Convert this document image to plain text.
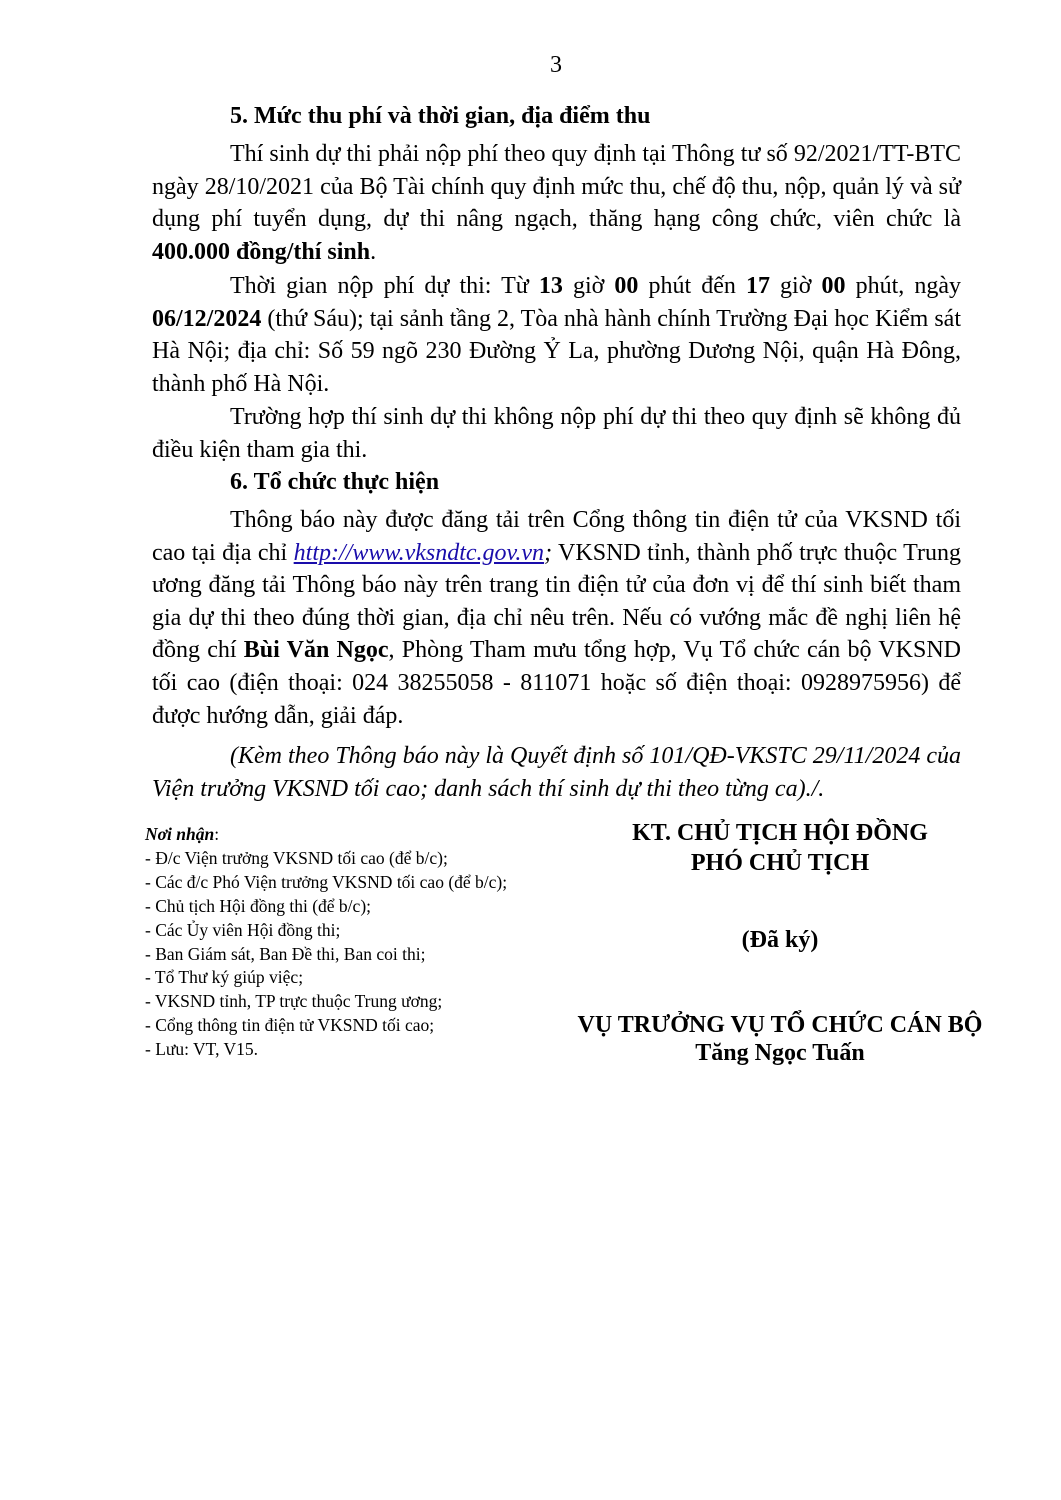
3
5. Mức thu phí và thời gian, địa điểm thu

Thí sinh dự thi phải nộp phí theo quy định tại Thông tư số 92/2021/TT-BTC ngày 28/10/2021 của Bộ Tài chính quy định mức thu, chế độ thu, nộp, quản lý và sử dụng phí tuyển dụng, dự thi nâng ngạch, thăng hạng công chức, viên chức là 400.000 đồng/thí sinh.

Thời gian nộp phí dự thi: Từ 13 giờ 00 phút đến 17 giờ 00 phút, ngày 06/12/2024 (thứ Sáu); tại sảnh tầng 2, Tòa nhà hành chính Trường Đại học Kiểm sát Hà Nội; địa chỉ: Số 59 ngõ 230 Đường Ỷ La, phường Dương Nội, quận Hà Đông, thành phố Hà Nội.

Trường hợp thí sinh dự thi không nộp phí dự thi theo quy định sẽ không đủ điều kiện tham gia thi.

6. Tổ chức thực hiện

Thông báo này được đăng tải trên Cổng thông tin điện tử của VKSND tối cao tại địa chỉ http://www.vksndtc.gov.vn; VKSND tỉnh, thành phố trực thuộc Trung ương đăng tải Thông báo này trên trang tin điện tử của đơn vị để thí sinh biết tham gia dự thi theo đúng thời gian, địa chỉ nêu trên. Nếu có vướng mắc đề nghị liên hệ đồng chí Bùi Văn Ngọc, Phòng Tham mưu tổng hợp, Vụ Tổ chức cán bộ VKSND tối cao (điện thoại: 024 38255058 - 811071 hoặc số điện thoại: 0928975956) để được hướng dẫn, giải đáp.

(Kèm theo Thông báo này là Quyết định số 101/QĐ-VKSTC 29/11/2024 của Viện trưởng VKSND tối cao; danh sách thí sinh dự thi theo từng ca)./.

Nơi nhận:
- Đ/c Viện trưởng VKSND tối cao (để b/c);
- Các đ/c Phó Viện trưởng VKSND tối cao (để b/c);
- Chủ tịch Hội đồng thi (để b/c);
- Các Ủy viên Hội đồng thi;
- Ban Giám sát, Ban Đề thi, Ban coi thi;
- Tổ Thư ký giúp việc;
- VKSND tỉnh, TP trực thuộc Trung ương;
- Cổng thông tin điện tử VKSND tối cao;
- Lưu: VT, V15.
KT. CHỦ TỊCH HỘI ĐỒNG
PHÓ CHỦ TỊCH
(Đã ký)
VỤ TRƯỞNG VỤ TỔ CHỨC CÁN BỘ
Tăng Ngọc Tuấn
